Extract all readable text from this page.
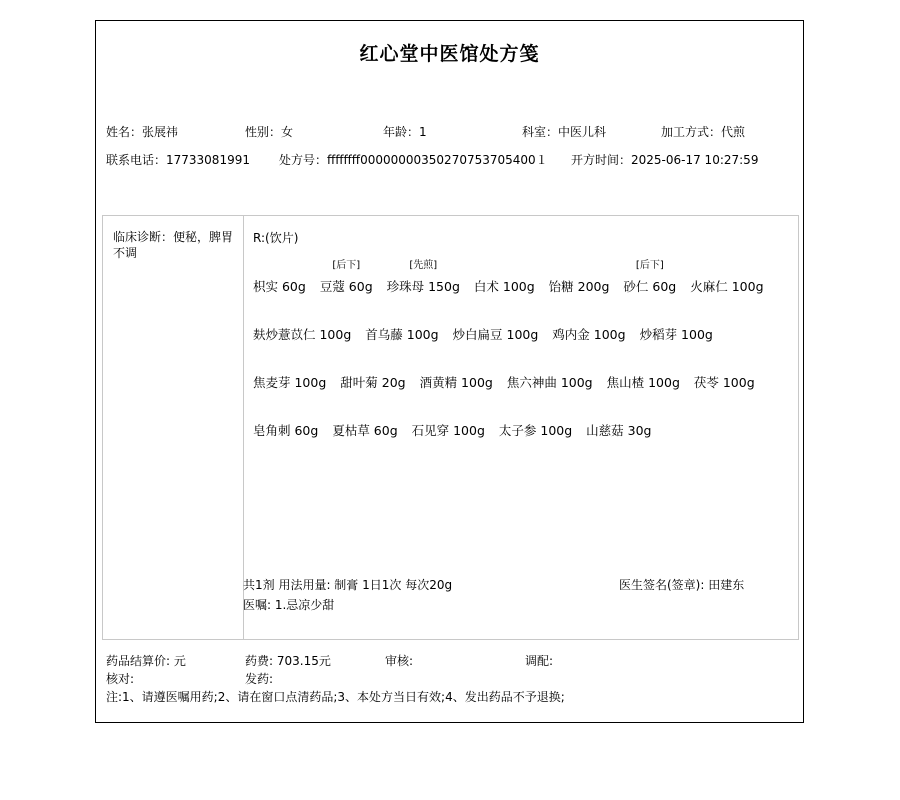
红心堂中医馆处方笺
姓名：张展祎	性别：女	年龄：1	科室：中医儿科	加工方式：代煎
联系电话：17733081991 处方号：ffffffff00000000350270753705400１ 开方时间：2025-06-17 10:27:59
临床诊断：便秘，脾胃不调
R:(饮片)
枳实 60g
[后下]
豆蔻 60g
[先煎]
珍珠母 150g 白术 100g 饴糖 200g
[后下]
砂仁 60g 火麻仁 100g
麸炒薏苡仁 100g 首乌藤 100g 炒白扁豆 100g 鸡内金 100g 炒稻芽 100g
焦麦芽 100g 甜叶菊 20g 酒黄精 100g 焦六神曲 100g 焦山楂 100g 茯苓 100g
皂角刺 60g 夏枯草 60g 石见穿 100g 太子参 100g 山慈菇 30g
共1剂 用法用量: 制膏 1日1次 每次20g
医嘱: 1.忌凉少甜
医生签名(签章): 田建东
药品结算价: 元	药费: 703.15元	审核:	调配:
核对:	发药:
注:1、请遵医嘱用药;2、请在窗口点清药品;3、本处方当日有效;4、发出药品不予退换;
